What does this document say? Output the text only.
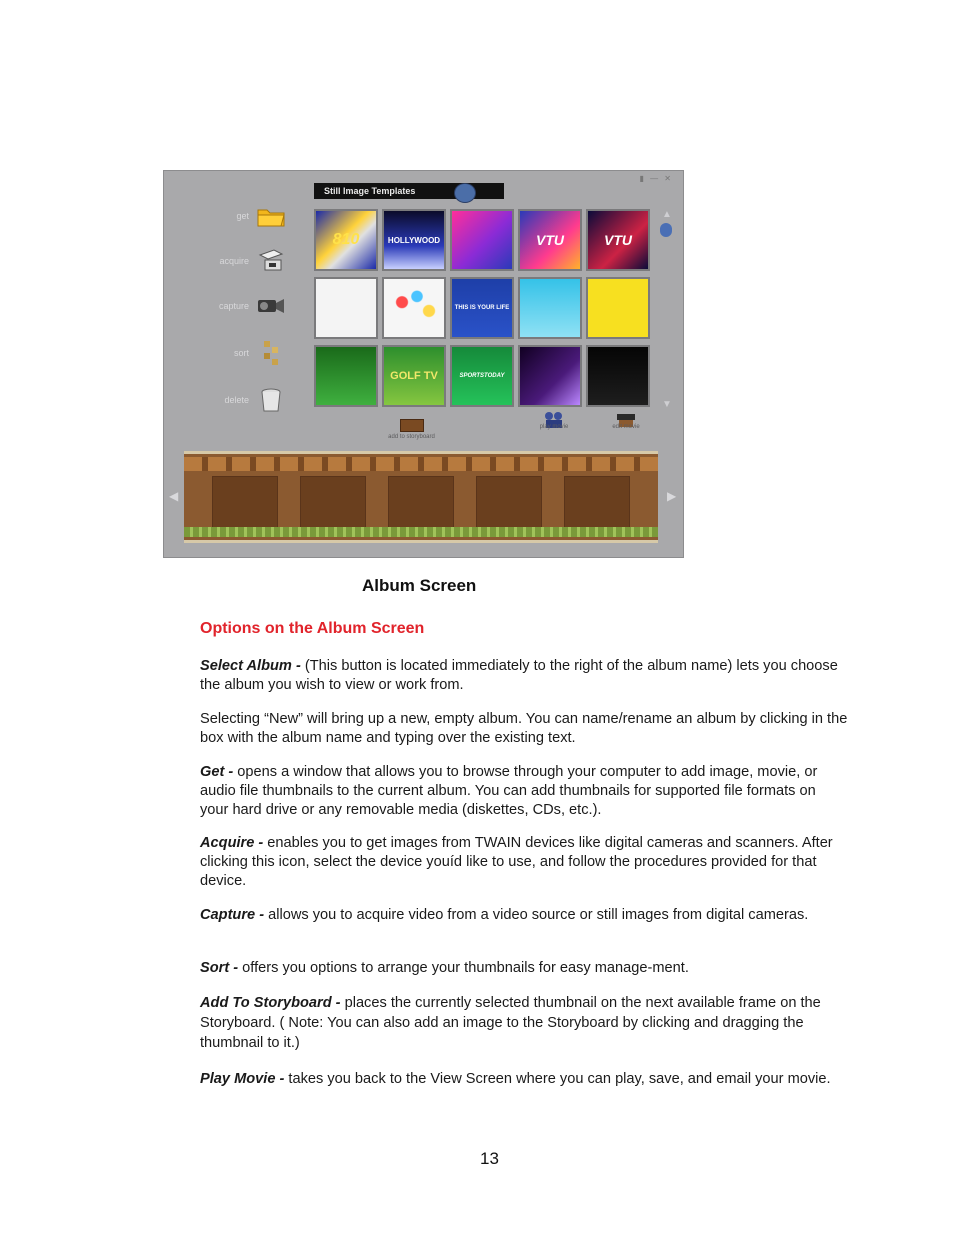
▮ — ✕
Still Image Templates
get
acquire
capture
sort
delete
810	HOLLYWOOD	VTU	VTU
THIS IS YOUR LIFE
GOLF TV	SPORTSTODAY
▲
▼
add to storyboard
play movie	edit movie
◀	▶
Album Screen
Options on the Album Screen

Select Album - (This button is located immediately to the right of the album name) lets you choose the album you wish to view or work from.

Selecting “New” will bring up a new, empty album. You can name/rename an album by clicking in the box with the album name and typing over the existing text.

Get - opens a window that allows you to browse through your computer to add image, movie, or audio file thumbnails to the current album. You can add thumbnails for supported file formats on your hard drive or any removable media (diskettes, CDs, etc.).

Acquire - enables you to get images from TWAIN devices like digital cameras and scanners. After clicking this icon, select the device youíd like to use, and follow the procedures provided for that device.

Capture - allows you to acquire video from a video source or still images from digital cameras.

Sort - offers you options to arrange your thumbnails for easy manage-ment.

Add To Storyboard - places the currently selected thumbnail on the next available frame on the Storyboard. ( Note: You can also add an image to the Storyboard by clicking and dragging the thumbnail to it.)

Play Movie - takes you back to the View Screen where you can play, save, and email your movie.

13
